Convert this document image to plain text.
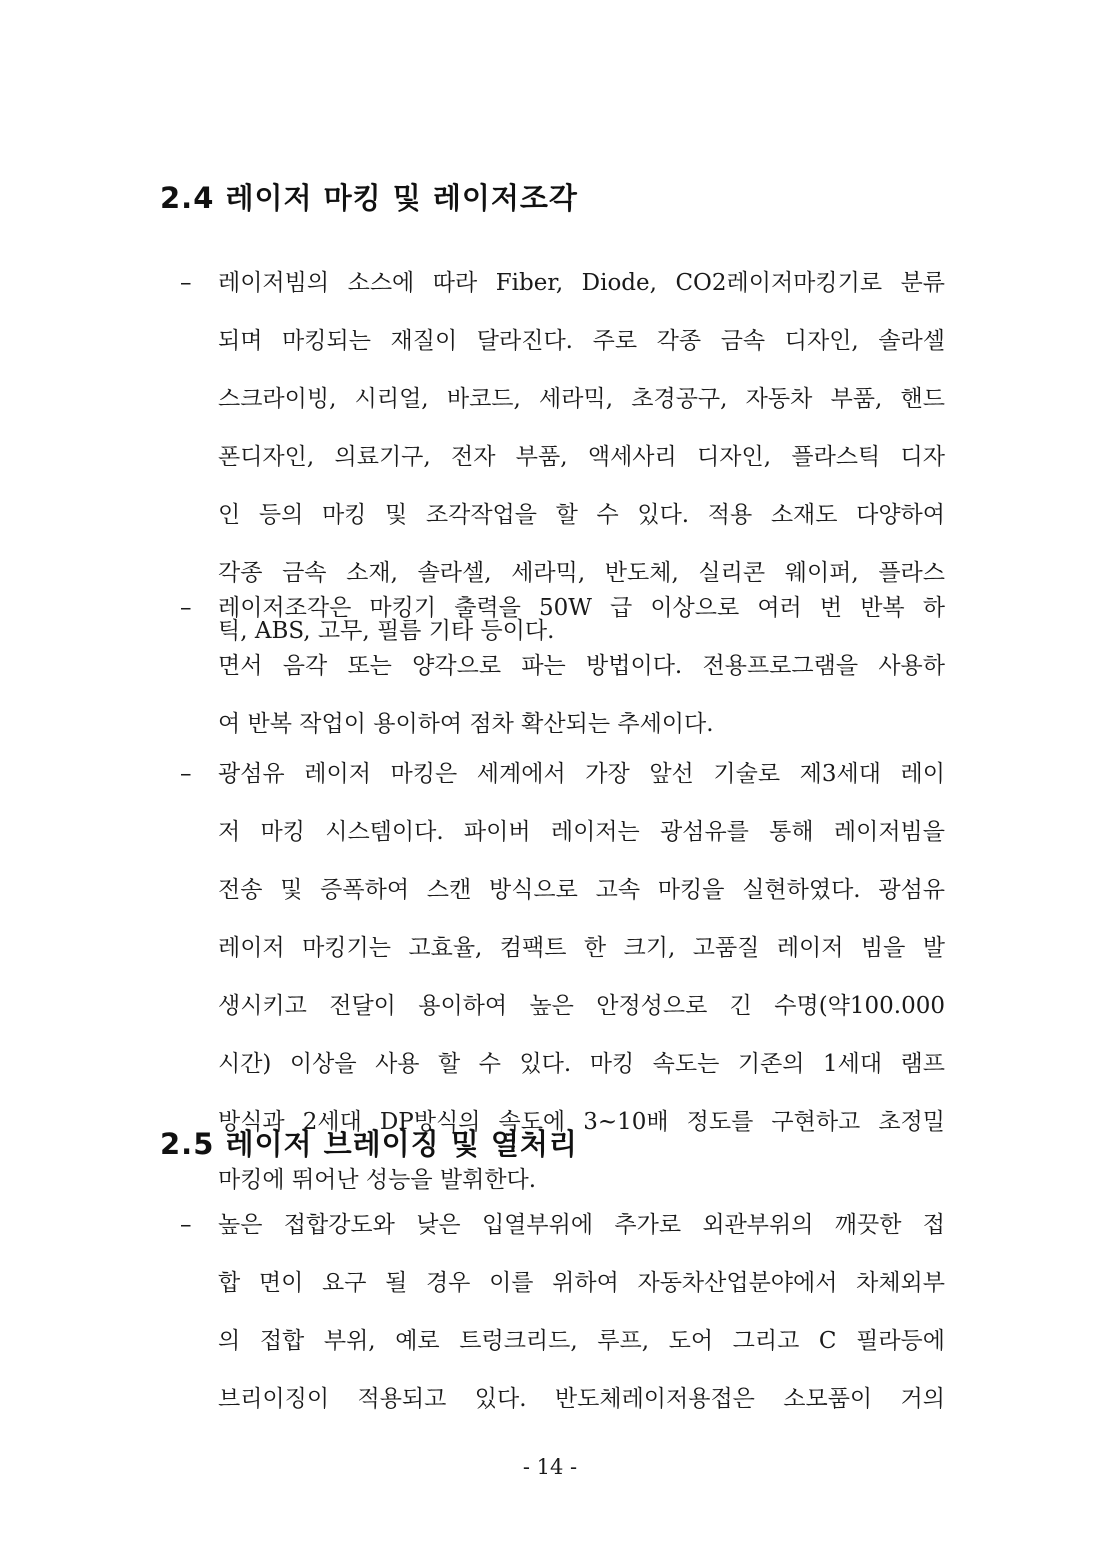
2.4 레이저 마킹 및 레이저조각
– 레이저빔의 소스에 따라 Fiber, Diode, CO2레이저마킹기로 분류
되며 마킹되는 재질이 달라진다. 주로 각종 금속 디자인, 솔라셀
스크라이빙, 시리얼, 바코드, 세라믹, 초경공구, 자동차 부품, 핸드
폰디자인, 의료기구, 전자 부품, 액세사리 디자인, 플라스틱 디자
인 등의 마킹 및 조각작업을 할 수 있다. 적용 소재도 다양하여
각종 금속 소재, 솔라셀, 세라믹, 반도체, 실리콘 웨이퍼, 플라스
틱, ABS, 고무, 필름 기타 등이다.
– 레이저조각은 마킹기 출력을 50W 급 이상으로 여러 번 반복 하
면서 음각 또는 양각으로 파는 방법이다. 전용프로그램을 사용하
여 반복 작업이 용이하여 점차 확산되는 추세이다.
– 광섬유 레이저 마킹은 세계에서 가장 앞선 기술로 제3세대 레이
저 마킹 시스템이다. 파이버 레이저는 광섬유를 통해 레이저빔을
전송 및 증폭하여 스캔 방식으로 고속 마킹을 실현하였다. 광섬유
레이저 마킹기는 고효율, 컴팩트 한 크기, 고품질 레이저 빔을 발
생시키고 전달이 용이하여 높은 안정성으로 긴 수명(약100.000
시간) 이상을 사용 할 수 있다. 마킹 속도는 기존의 1세대 램프
방식과 2세대 DP방식의 속도에 3~10배 정도를 구현하고 초정밀
마킹에 뛰어난 성능을 발휘한다.
2.5 레이저 브레이징 및 열처리
– 높은 접합강도와 낮은 입열부위에 추가로 외관부위의 깨끗한 접
합 면이 요구 될 경우 이를 위하여 자동차산업분야에서 차체외부
의 접합 부위, 예로 트렁크리드, 루프, 도어 그리고 C 필라등에
브리이징이 적용되고 있다. 반도체레이저용접은 소모품이 거의
- 14 -
